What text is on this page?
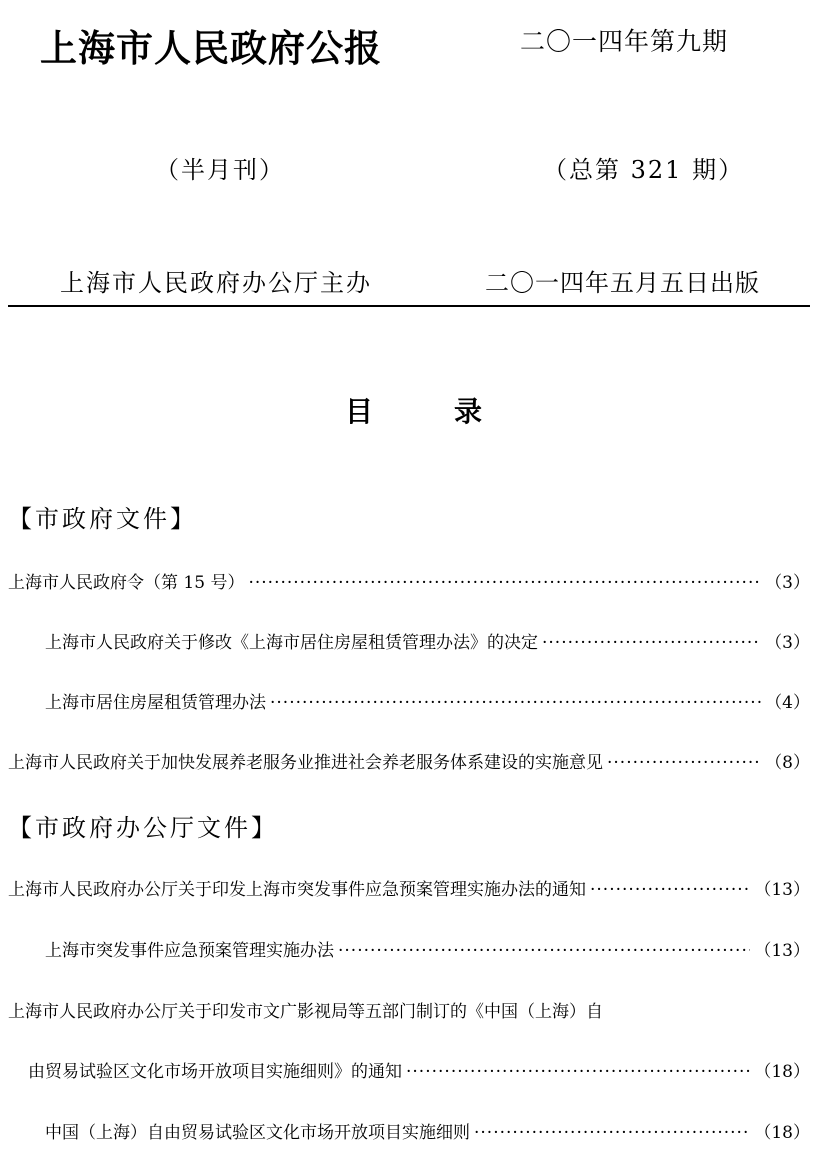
上海市人民政府公报	二〇一四年第九期
（半月刊）	（总第 321 期）
上海市人民政府办公厅主办	二〇一四年五月五日出版
目	录
【市政府文件】
上海市人民政府令（第 15 号） ·····	（3）
上海市人民政府关于修改《上海市居住房屋租赁管理办法》的决定 ·····	（3）
上海市居住房屋租赁管理办法 ·····	（4）
上海市人民政府关于加快发展养老服务业推进社会养老服务体系建设的实施意见 ·····	（8）
【市政府办公厅文件】
上海市人民政府办公厅关于印发上海市突发事件应急预案管理实施办法的通知 ·····	（13）
上海市突发事件应急预案管理实施办法 ·····	（13）
上海市人民政府办公厅关于印发市文广影视局等五部门制订的《中国（上海）自
由贸易试验区文化市场开放项目实施细则》的通知 ·····	（18）
中国（上海）自由贸易试验区文化市场开放项目实施细则 ·····	（18）
